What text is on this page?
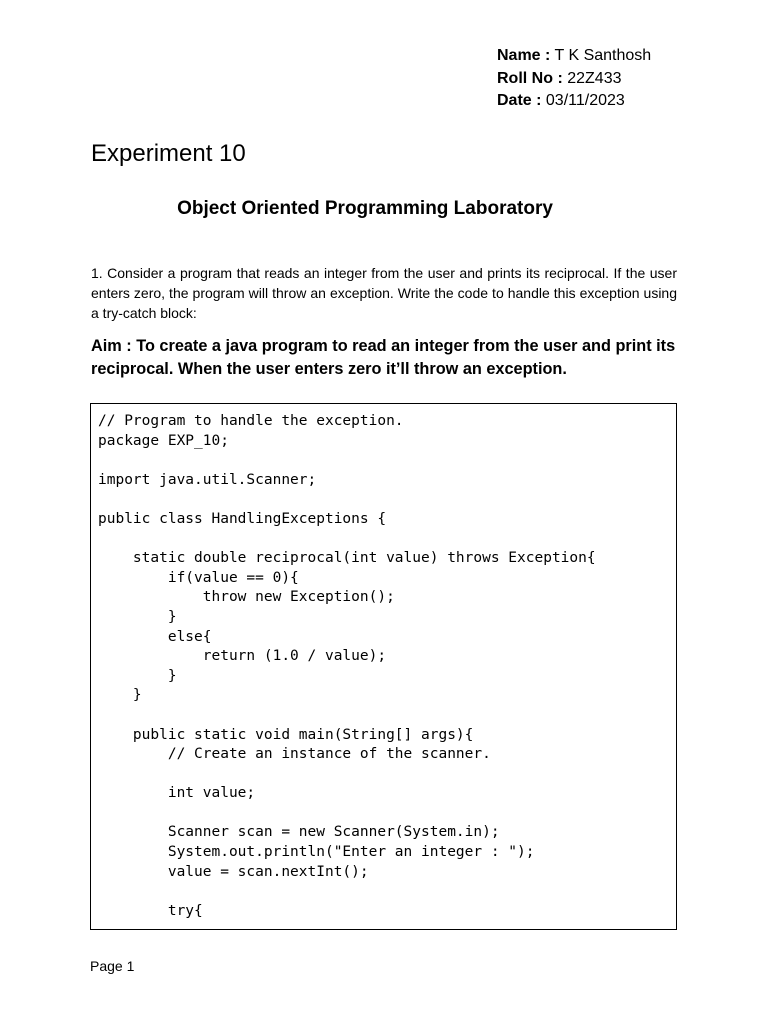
Name : T K Santhosh
Roll No : 22Z433
Date : 03/11/2023
Experiment 10
Object Oriented Programming Laboratory

1. Consider a program that reads an integer from the user and prints its reciprocal. If the user enters zero, the program will throw an exception. Write the code to handle this exception using a try-catch block:

Aim : To create a java program to read an integer from the user and print its reciprocal. When the user enters zero it’ll throw an exception.

// Program to handle the exception.
package EXP_10;

import java.util.Scanner;

public class HandlingExceptions {

static double reciprocal(int value) throws Exception{
if(value == 0){
throw new Exception();
}
else{
return (1.0 / value);
}
}

public static void main(String[] args){
// Create an instance of the scanner.

int value;

Scanner scan = new Scanner(System.in);
System.out.println("Enter an integer : ");
value = scan.nextInt();

try{
Page 1
